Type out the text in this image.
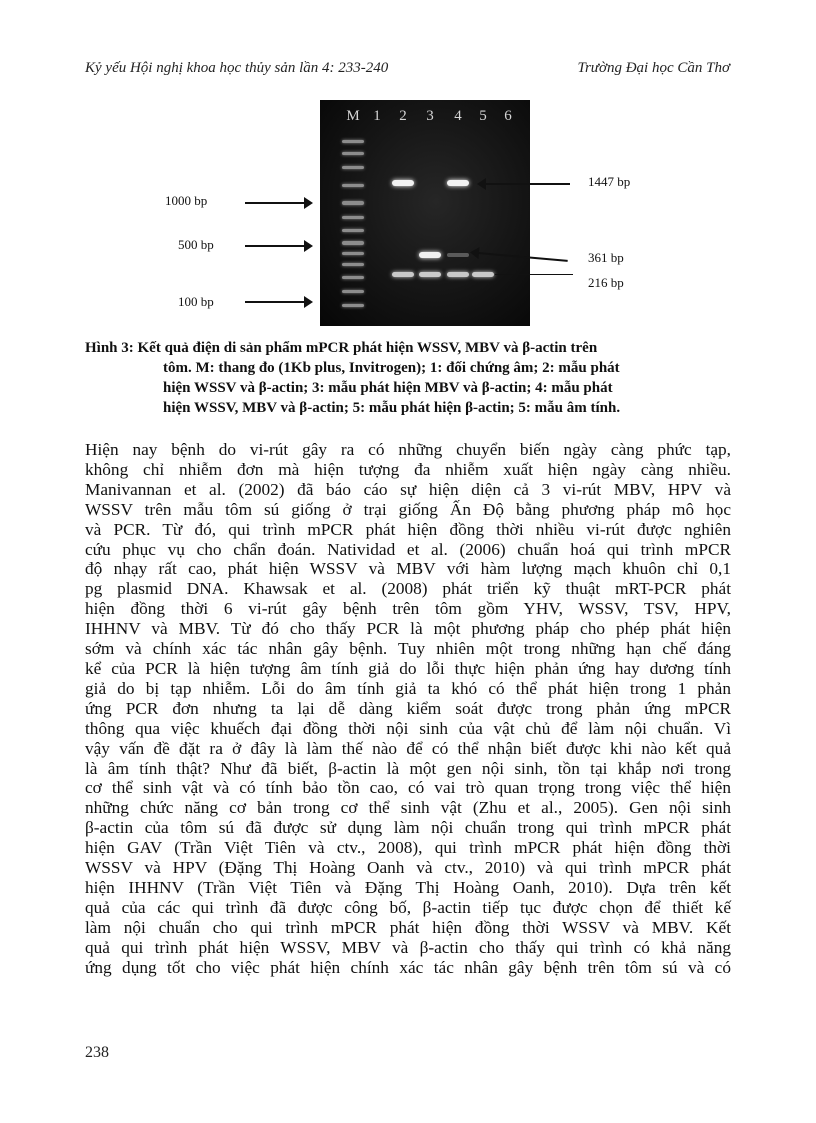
Kỷ yếu Hội nghị khoa học thủy sản lần 4: 233-240	Trường Đại học Cần Thơ
M 1 2 3 4 5 6
1000 bp
500 bp
100 bp
1447 bp
361 bp
216 bp
Hình 3: Kết quả điện di sản phẩm mPCR phát hiện WSSV, MBV và β-actin trên
tôm. M: thang đo (1Kb plus, Invitrogen); 1: đối chứng âm; 2: mẫu phát
hiện WSSV và β-actin; 3: mẫu phát hiện MBV và β-actin; 4: mẫu phát
hiện WSSV, MBV và β-actin; 5: mẫu phát hiện β-actin; 5: mẫu âm tính.
Hiện nay bệnh do vi-rút gây ra có những chuyển biến ngày càng phức tạp,
không chỉ nhiễm đơn mà hiện tượng đa nhiễm xuất hiện ngày càng nhiều.
Manivannan et al. (2002) đã báo cáo sự hiện diện cả 3 vi-rút MBV, HPV và
WSSV trên mẫu tôm sú giống ở trại giống Ấn Độ bằng phương pháp mô học
và PCR. Từ đó, qui trình mPCR phát hiện đồng thời nhiều vi-rút được nghiên
cứu phục vụ cho chẩn đoán. Natividad et al. (2006) chuẩn hoá qui trình mPCR
độ nhạy rất cao, phát hiện WSSV và MBV với hàm lượng mạch khuôn chỉ 0,1
pg plasmid DNA. Khawsak et al. (2008) phát triển kỹ thuật mRT-PCR phát
hiện đồng thời 6 vi-rút gây bệnh trên tôm gồm YHV, WSSV, TSV, HPV,
IHHNV và MBV. Từ đó cho thấy PCR là một phương pháp cho phép phát hiện
sớm và chính xác tác nhân gây bệnh. Tuy nhiên một trong những hạn chế đáng
kể của PCR là hiện tượng âm tính giả do lỗi thực hiện phản ứng hay dương tính
giả do bị tạp nhiễm. Lỗi do âm tính giả ta khó có thể phát hiện trong 1 phản
ứng PCR đơn nhưng ta lại dễ dàng kiểm soát được trong phản ứng mPCR
thông qua việc khuếch đại đồng thời nội sinh của vật chủ để làm nội chuẩn. Vì
vậy vấn đề đặt ra ở đây là làm thế nào để có thể nhận biết được khi nào kết quả
là âm tính thật? Như đã biết, β-actin là một gen nội sinh, tồn tại khắp nơi trong
cơ thể sinh vật và có tính bảo tồn cao, có vai trò quan trọng trong việc thể hiện
những chức năng cơ bản trong cơ thể sinh vật (Zhu et al., 2005). Gen nội sinh
β-actin của tôm sú đã được sử dụng làm nội chuẩn trong qui trình mPCR phát
hiện GAV (Trần Việt Tiên và ctv., 2008), qui trình mPCR phát hiện đồng thời
WSSV và HPV (Đặng Thị Hoàng Oanh và ctv., 2010) và qui trình mPCR phát
hiện IHHNV (Trần Việt Tiên và Đặng Thị Hoàng Oanh, 2010). Dựa trên kết
quả của các qui trình đã được công bố, β-actin tiếp tục được chọn để thiết kế
làm nội chuẩn cho qui trình mPCR phát hiện đồng thời WSSV và MBV. Kết
quả qui trình phát hiện WSSV, MBV và β-actin cho thấy qui trình có khả năng
ứng dụng tốt cho việc phát hiện chính xác tác nhân gây bệnh trên tôm sú và có
238
